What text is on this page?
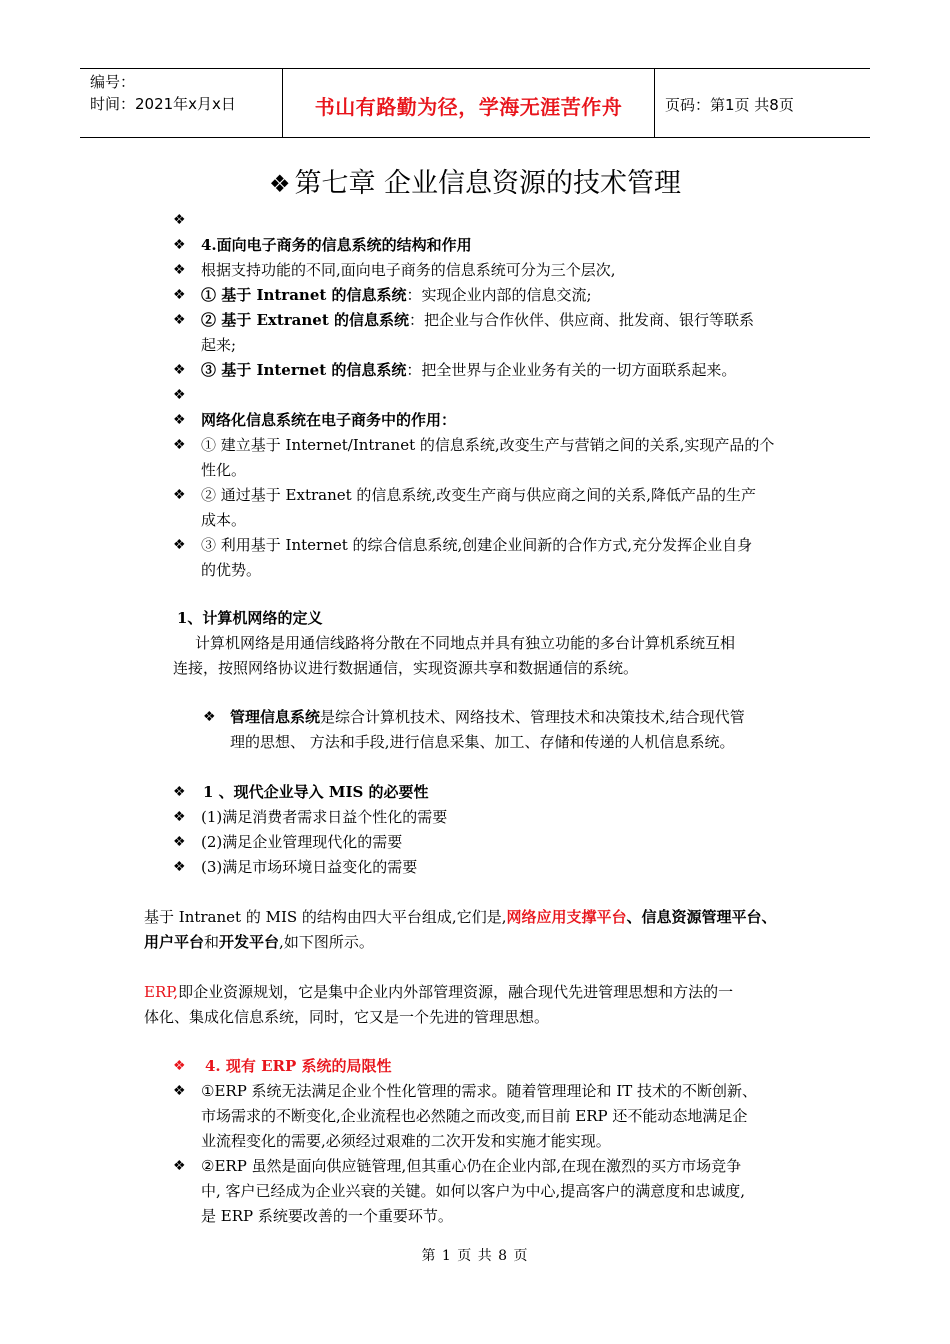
编号：
时间：2021年x月x日	书山有路勤为径，学海无涯苦作舟	页码：第1页 共8页
❖ 第七章 企业信息资源的技术管理
❖
❖ 4.面向电子商务的信息系统的结构和作用
❖ 根据支持功能的不同,面向电子商务的信息系统可分为三个层次,
❖ ① 基于 Intranet 的信息系统：实现企业内部的信息交流;
❖ ② 基于 Extranet 的信息系统：把企业与合作伙伴、供应商、批发商、银行等联系
起来;
❖ ③ 基于 Internet 的信息系统：把全世界与企业业务有关的一切方面联系起来。
❖
❖ 网络化信息系统在电子商务中的作用：
❖ ① 建立基于 Internet/Intranet 的信息系统,改变生产与营销之间的关系,实现产品的个
性化。
❖ ② 通过基于 Extranet 的信息系统,改变生产商与供应商之间的关系,降低产品的生产
成本。
❖ ③ 利用基于 Internet 的综合信息系统,创建企业间新的合作方式,充分发挥企业自身
的优势。
1、计算机网络的定义
计算机网络是用通信线路将分散在不同地点并具有独立功能的多台计算机系统互相
连接，按照网络协议进行数据通信，实现资源共享和数据通信的系统。
❖ 管理信息系统是综合计算机技术、网络技术、管理技术和决策技术,结合现代管
理的思想、 方法和手段,进行信息采集、加工、存储和传递的人机信息系统。
❖ 1 、现代企业导入 MIS 的必要性
❖ (1)满足消费者需求日益个性化的需要
❖ (2)满足企业管理现代化的需要
❖ (3)满足市场环境日益变化的需要
基于 Intranet 的 MIS 的结构由四大平台组成,它们是,网络应用支撑平台、信息资源管理平台、
用户平台和开发平台,如下图所示。
ERP,即企业资源规划，它是集中企业内外部管理资源，融合现代先进管理思想和方法的一
体化、集成化信息系统，同时，它又是一个先进的管理思想。
❖ 4. 现有 ERP 系统的局限性
❖ ①ERP 系统无法满足企业个性化管理的需求。随着管理理论和 IT 技术的不断创新、
市场需求的不断变化,企业流程也必然随之而改变,而目前 ERP 还不能动态地满足企
业流程变化的需要,必须经过艰难的二次开发和实施才能实现。
❖ ②ERP 虽然是面向供应链管理,但其重心仍在企业内部,在现在激烈的买方市场竞争
中, 客户已经成为企业兴衰的关键。如何以客户为中心,提高客户的满意度和忠诚度,
是 ERP 系统要改善的一个重要环节。
第 1 页 共 8 页
